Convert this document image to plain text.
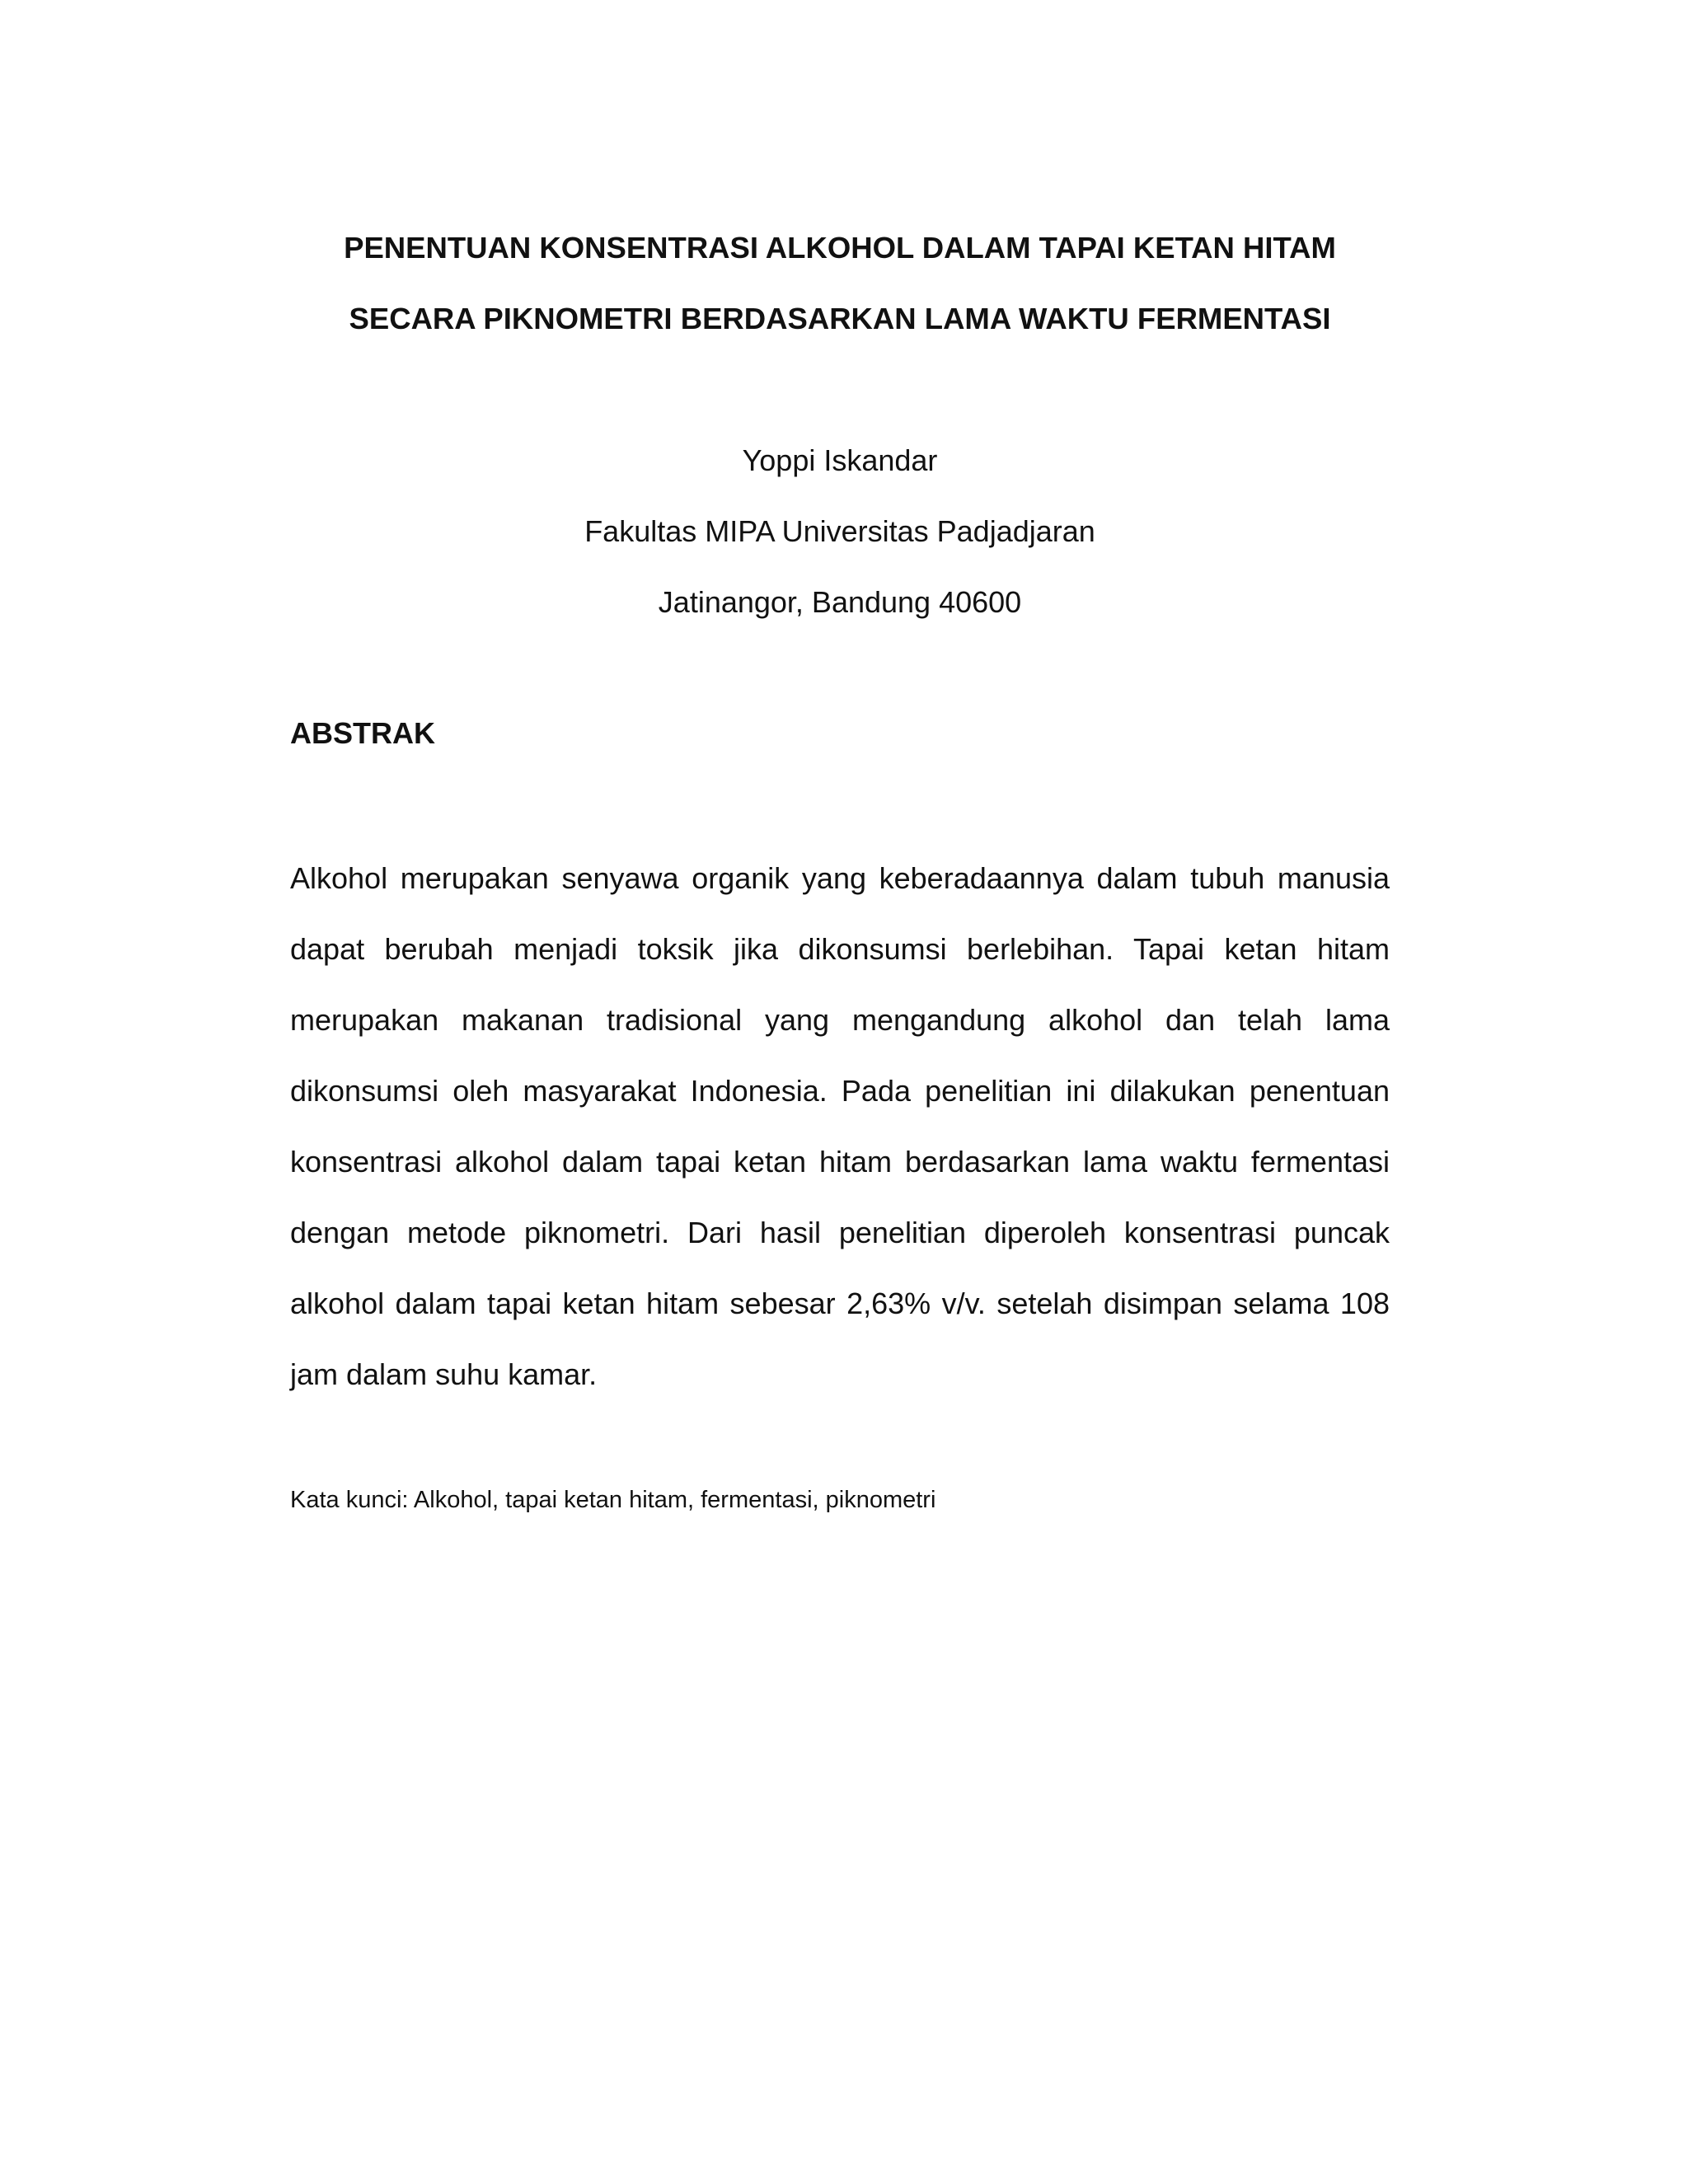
PENENTUAN KONSENTRASI ALKOHOL DALAM TAPAI KETAN HITAM
SECARA PIKNOMETRI BERDASARKAN LAMA WAKTU FERMENTASI
Yoppi Iskandar
Fakultas MIPA Universitas Padjadjaran
Jatinangor, Bandung 40600
ABSTRAK

Alkohol merupakan senyawa organik yang keberadaannya dalam tubuh manusia dapat berubah menjadi toksik jika dikonsumsi berlebihan. Tapai ketan hitam merupakan makanan tradisional yang mengandung alkohol dan telah lama dikonsumsi oleh masyarakat Indonesia. Pada penelitian ini dilakukan penentuan konsentrasi alkohol dalam tapai ketan hitam berdasarkan lama waktu fermentasi dengan metode piknometri. Dari hasil penelitian diperoleh konsentrasi puncak alkohol dalam tapai ketan hitam sebesar 2,63% v/v. setelah disimpan selama 108 jam dalam suhu kamar.

Kata kunci: Alkohol, tapai ketan hitam, fermentasi, piknometri
